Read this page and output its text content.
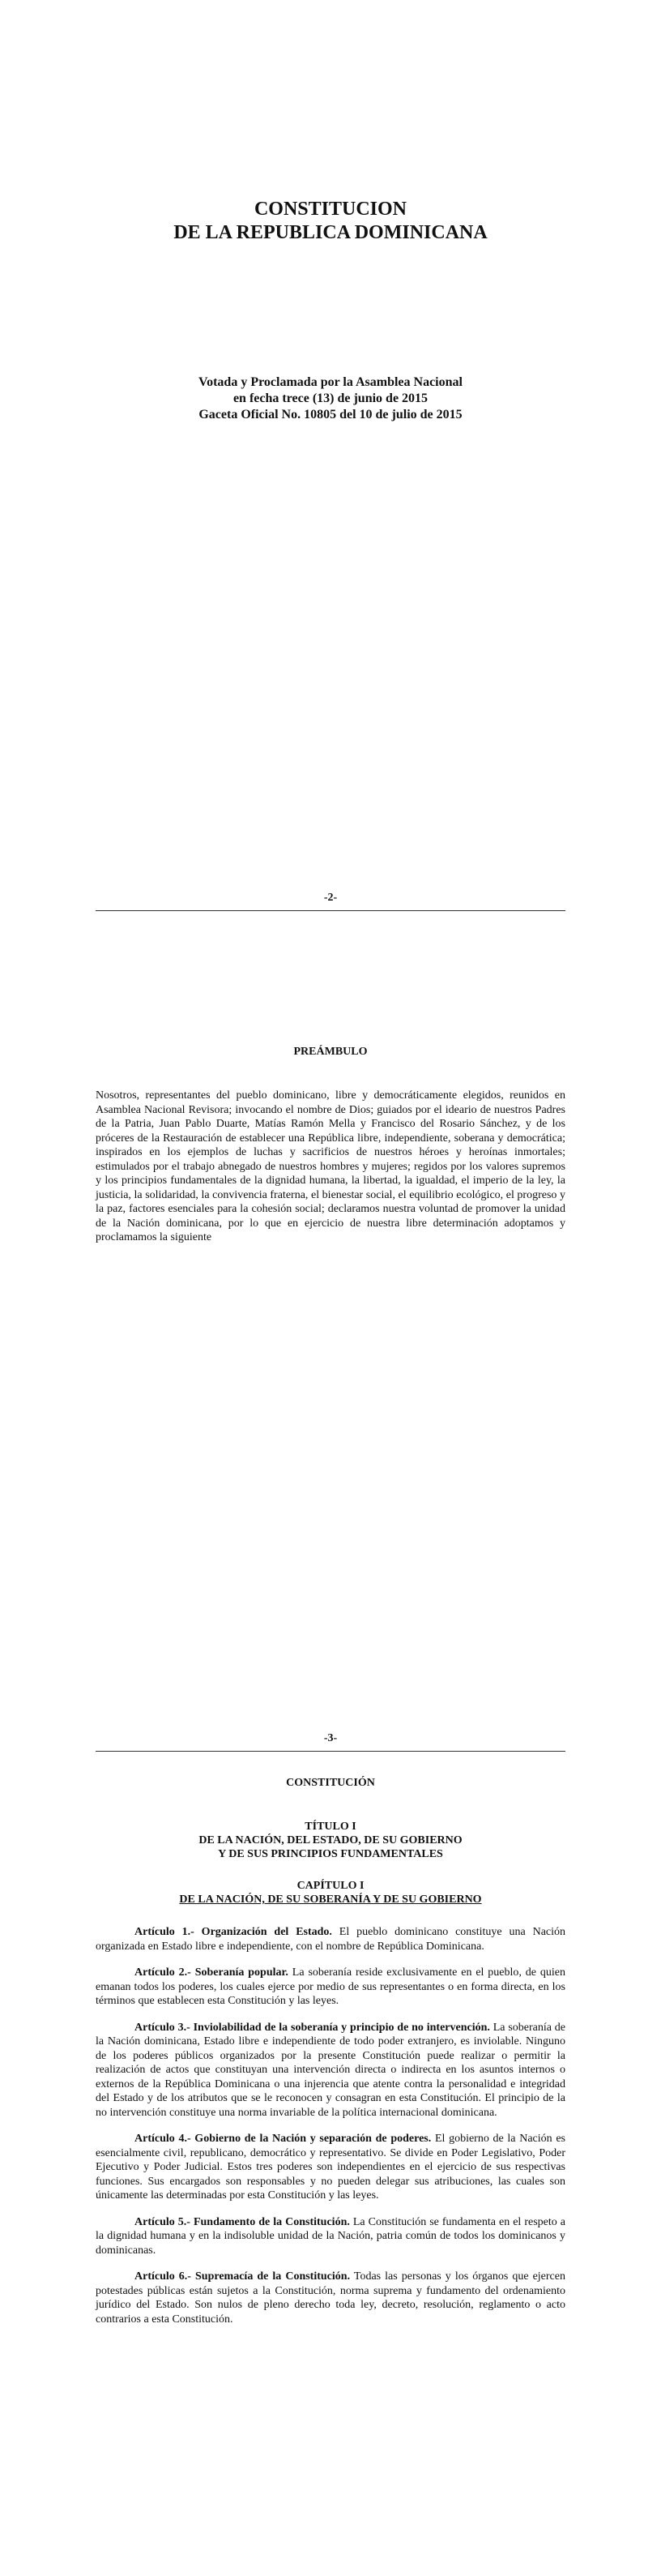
CONSTITUCION
DE LA REPUBLICA DOMINICANA
Votada y Proclamada por la Asamblea Nacional
en fecha trece (13) de junio de 2015
Gaceta Oficial No. 10805 del 10 de julio de 2015
-2-
PREÁMBULO
Nosotros, representantes del pueblo dominicano, libre y democráticamente elegidos, reunidos en Asamblea Nacional Revisora; invocando el nombre de Dios; guiados por el ideario de nuestros Padres de la Patria, Juan Pablo Duarte, Matías Ramón Mella y Francisco del Rosario Sánchez, y de los próceres de la Restauración de establecer una República libre, independiente, soberana y democrática; inspirados en los ejemplos de luchas y sacrificios de nuestros héroes y heroínas inmortales; estimulados por el trabajo abnegado de nuestros hombres y mujeres; regidos por los valores supremos y los principios fundamentales de la dignidad humana, la libertad, la igualdad, el imperio de la ley, la justicia, la solidaridad, la convivencia fraterna, el bienestar social, el equilibrio ecológico, el progreso y la paz, factores esenciales para la cohesión social; declaramos nuestra voluntad de promover la unidad de la Nación dominicana, por lo que en ejercicio de nuestra libre determinación adoptamos y proclamamos la siguiente
-3-
CONSTITUCIÓN
TÍTULO I
DE LA NACIÓN, DEL ESTADO, DE SU GOBIERNO
Y DE SUS PRINCIPIOS FUNDAMENTALES
CAPÍTULO I
DE LA NACIÓN, DE SU SOBERANÍA Y DE SU GOBIERNO

Artículo 1.- Organización del Estado. El pueblo dominicano constituye una Nación organizada en Estado libre e independiente, con el nombre de República Dominicana.

Artículo 2.- Soberanía popular. La soberanía reside exclusivamente en el pueblo, de quien emanan todos los poderes, los cuales ejerce por medio de sus representantes o en forma directa, en los términos que establecen esta Constitución y las leyes.

Artículo 3.- Inviolabilidad de la soberanía y principio de no intervención. La soberanía de la Nación dominicana, Estado libre e independiente de todo poder extranjero, es inviolable. Ninguno de los poderes públicos organizados por la presente Constitución puede realizar o permitir la realización de actos que constituyan una intervención directa o indirecta en los asuntos internos o externos de la República Dominicana o una injerencia que atente contra la personalidad e integridad del Estado y de los atributos que se le reconocen y consagran en esta Constitución. El principio de la no intervención constituye una norma invariable de la política internacional dominicana.

Artículo 4.- Gobierno de la Nación y separación de poderes. El gobierno de la Nación es esencialmente civil, republicano, democrático y representativo. Se divide en Poder Legislativo, Poder Ejecutivo y Poder Judicial. Estos tres poderes son independientes en el ejercicio de sus respectivas funciones. Sus encargados son responsables y no pueden delegar sus atribuciones, las cuales son únicamente las determinadas por esta Constitución y las leyes.

Artículo 5.- Fundamento de la Constitución. La Constitución se fundamenta en el respeto a la dignidad humana y en la indisoluble unidad de la Nación, patria común de todos los dominicanos y dominicanas.

Artículo 6.- Supremacía de la Constitución. Todas las personas y los órganos que ejercen potestades públicas están sujetos a la Constitución, norma suprema y fundamento del ordenamiento jurídico del Estado. Son nulos de pleno derecho toda ley, decreto, resolución, reglamento o acto contrarios a esta Constitución.
